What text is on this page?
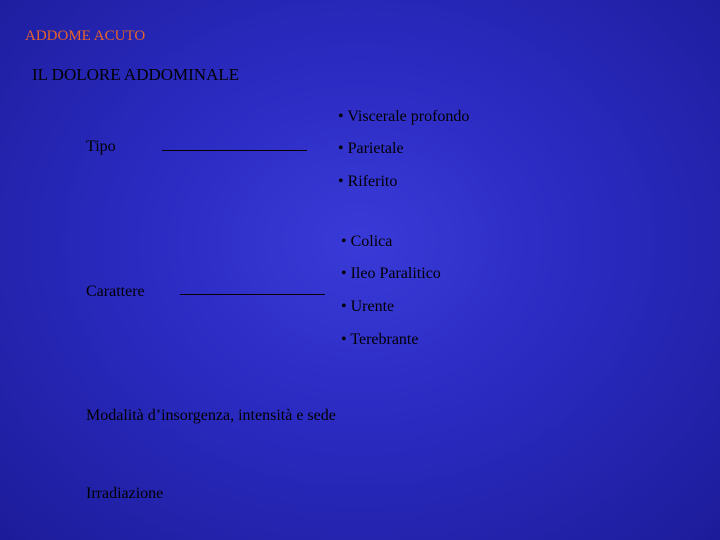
ADDOME ACUTO
IL DOLORE ADDOMINALE
Tipo
• Viscerale profondo
• Parietale
• Riferito
Carattere
• Colica
• Ileo Paralitico
• Urente
• Terebrante
Modalità d’insorgenza, intensità e sede
Irradiazione
